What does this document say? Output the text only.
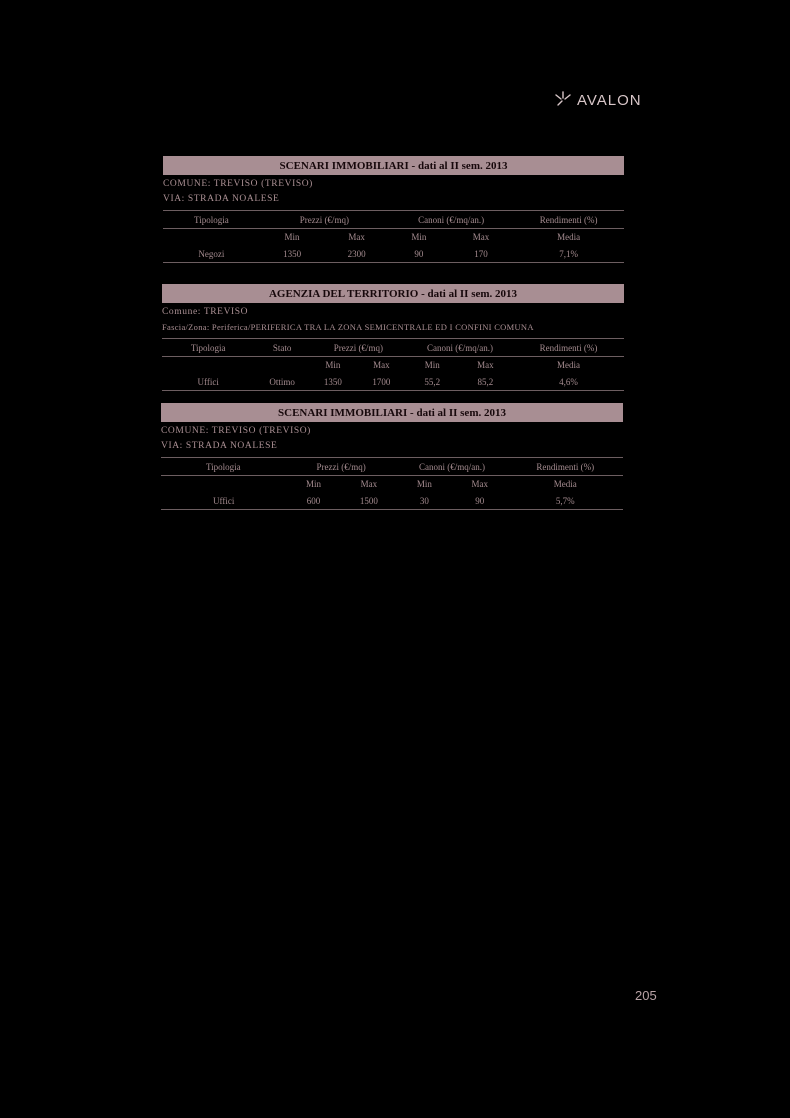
AVALON
SCENARI IMMOBILIARI - dati al II sem. 2013
COMUNE: TREVISO (TREVISO)
VIA: STRADA NOALESE
Tipologia	Prezzi (€/mq)		Canoni (€/mq/an.)		Rendimenti (%)
	Min	Max	Min	Max	Media
Negozi	1350	2300	90	170	7,1%
AGENZIA DEL TERRITORIO - dati al II sem. 2013
Comune: TREVISO
Fascia/Zona: Periferica/PERIFERICA TRA LA ZONA SEMICENTRALE ED I CONFINI COMUNA
Tipologia	Stato	Prezzi (€/mq)		Canoni (€/mq/an.)		Rendimenti (%)
		Min	Max	Min	Max	Media
Uffici	Ottimo	1350	1700	55,2	85,2	4,6%
SCENARI IMMOBILIARI - dati al II sem. 2013
COMUNE: TREVISO (TREVISO)
VIA: STRADA NOALESE
Tipologia	Prezzi (€/mq)		Canoni (€/mq/an.)		Rendimenti (%)
	Min	Max	Min	Max	Media
Uffici	600	1500	30	90	5,7%
205
